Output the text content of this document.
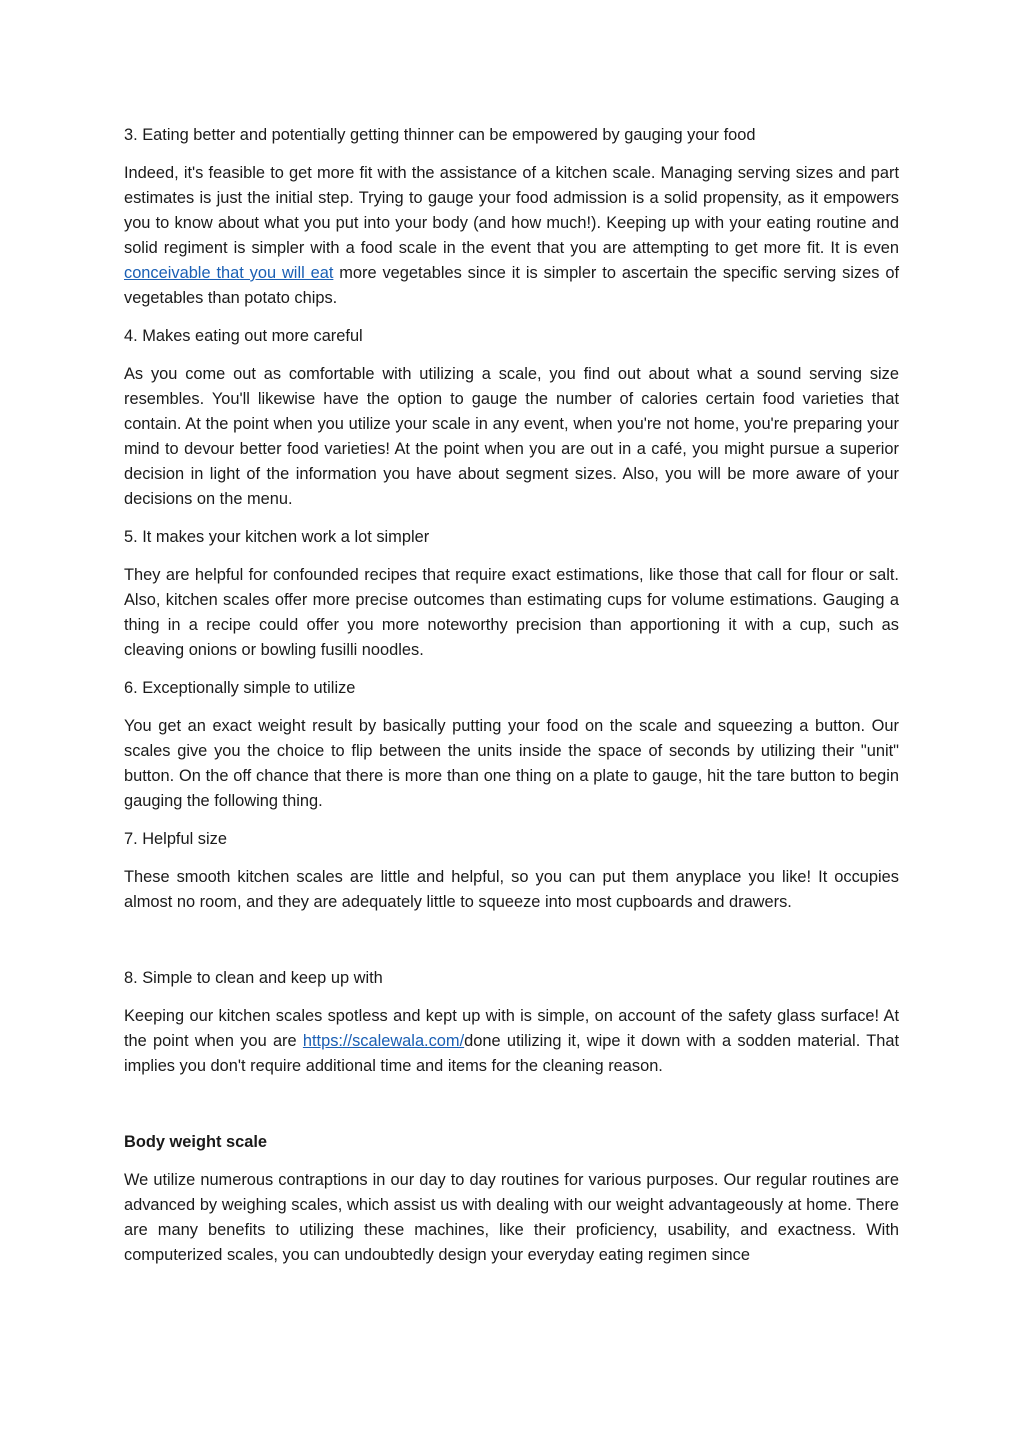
3. Eating better and potentially getting thinner can be empowered by gauging your food

Indeed, it's feasible to get more fit with the assistance of a kitchen scale. Managing serving sizes and part estimates is just the initial step. Trying to gauge your food admission is a solid propensity, as it empowers you to know about what you put into your body (and how much!). Keeping up with your eating routine and solid regiment is simpler with a food scale in the event that you are attempting to get more fit. It is even conceivable that you will eat more vegetables since it is simpler to ascertain the specific serving sizes of vegetables than potato chips.

4. Makes eating out more careful

As you come out as comfortable with utilizing a scale, you find out about what a sound serving size resembles. You'll likewise have the option to gauge the number of calories certain food varieties that contain. At the point when you utilize your scale in any event, when you're not home, you're preparing your mind to devour better food varieties! At the point when you are out in a café, you might pursue a superior decision in light of the information you have about segment sizes. Also, you will be more aware of your decisions on the menu.

5. It makes your kitchen work a lot simpler

They are helpful for confounded recipes that require exact estimations, like those that call for flour or salt. Also, kitchen scales offer more precise outcomes than estimating cups for volume estimations. Gauging a thing in a recipe could offer you more noteworthy precision than apportioning it with a cup, such as cleaving onions or bowling fusilli noodles.

6. Exceptionally simple to utilize

You get an exact weight result by basically putting your food on the scale and squeezing a button. Our scales give you the choice to flip between the units inside the space of seconds by utilizing their "unit" button. On the off chance that there is more than one thing on a plate to gauge, hit the tare button to begin gauging the following thing.

7. Helpful size

These smooth kitchen scales are little and helpful, so you can put them anyplace you like! It occupies almost no room, and they are adequately little to squeeze into most cupboards and drawers.

8. Simple to clean and keep up with

Keeping our kitchen scales spotless and kept up with is simple, on account of the safety glass surface! At the point when you are https://scalewala.com/done utilizing it, wipe it down with a sodden material. That implies you don't require additional time and items for the cleaning reason.

Body weight scale

We utilize numerous contraptions in our day to day routines for various purposes. Our regular routines are advanced by weighing scales, which assist us with dealing with our weight advantageously at home. There are many benefits to utilizing these machines, like their proficiency, usability, and exactness. With computerized scales, you can undoubtedly design your everyday eating regimen since
